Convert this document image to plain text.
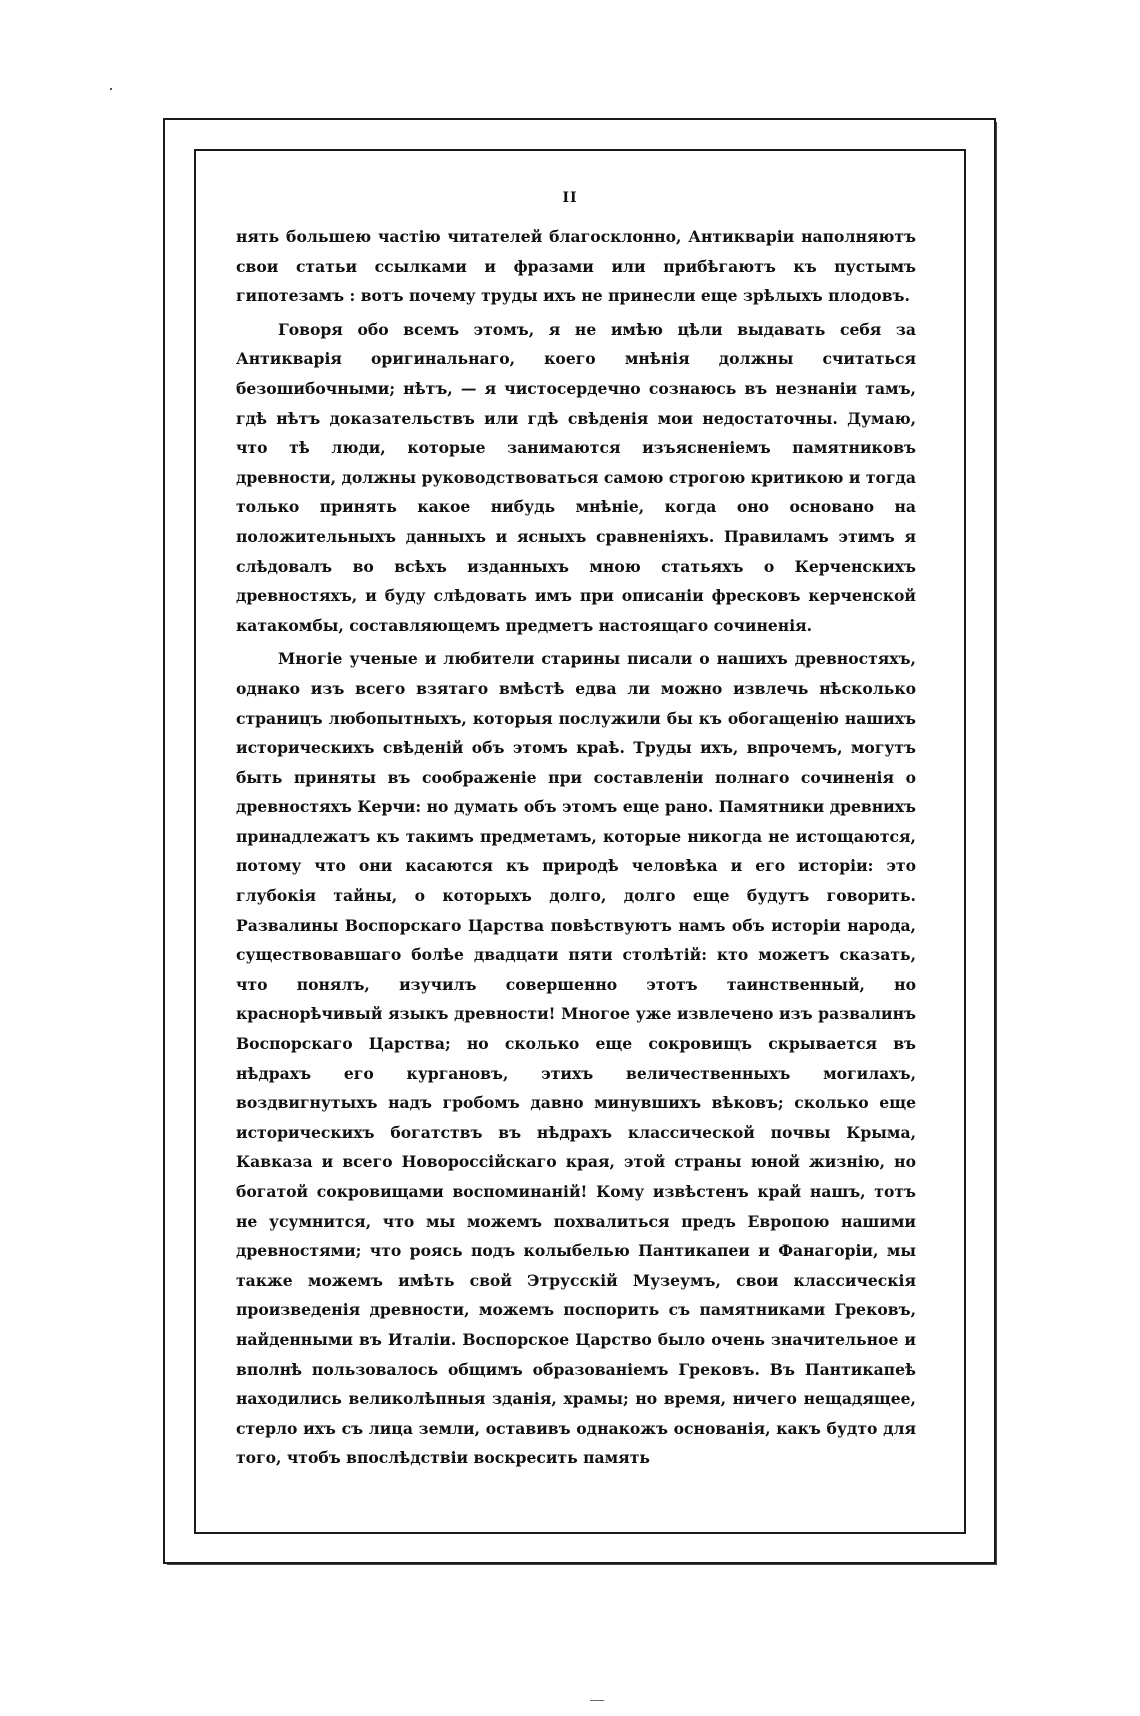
II

нять большею частію читателей благосклонно, Антикваріи наполняютъ свои статьи ссылками и фразами или прибѣгаютъ къ пустымъ гипотезамъ : вотъ почему труды ихъ не принесли еще зрѣлыхъ плодовъ.

Говоря обо всемъ этомъ, я не имѣю цѣли выдавать себя за Антикварія оригинальнаго, коего мнѣнія должны считаться безошибочными; нѣтъ, — я чистосердечно сознаюсь въ незнаніи тамъ, гдѣ нѣтъ доказательствъ или гдѣ свѣденія мои недостаточны. Думаю, что тѣ люди, которые занимаются изъясненіемъ памятниковъ древности, должны руководствоваться самою строгою критикою и тогда только принять какое нибудь мнѣніе, когда оно основано на положительныхъ данныхъ и ясныхъ сравненіяхъ. Правиламъ этимъ я слѣдовалъ во всѣхъ изданныхъ мною статьяхъ о Керченскихъ древностяхъ, и буду слѣдовать имъ при описаніи фресковъ керченской катакомбы, составляющемъ предметъ настоящаго сочиненія.

Многіе ученые и любители старины писали о нашихъ древностяхъ, однако изъ всего взятаго вмѣстѣ едва ли можно извлечь нѣсколько страницъ любопытныхъ, которыя послужили бы къ обогащенію нашихъ историческихъ свѣденій объ этомъ краѣ. Труды ихъ, впрочемъ, могутъ быть приняты въ соображеніе при составленіи полнаго сочиненія о древностяхъ Керчи: но думать объ этомъ еще рано. Памятники древнихъ принадлежатъ къ такимъ предметамъ, которые никогда не истощаются, потому что они касаются къ природѣ человѣка и его исторіи: это глубокія тайны, о которыхъ долго, долго еще будутъ говорить. Развалины Воспорскаго Царства повѣствуютъ намъ объ исторіи народа, существовавшаго болѣе двадцати пяти столѣтій: кто можетъ сказать, что понялъ, изучилъ совершенно этотъ таинственный, но краснорѣчивый языкъ древности! Многое уже извлечено изъ развалинъ Воспорскаго Царства; но сколько еще сокровищъ скрывается въ нѣдрахъ его кургановъ, этихъ величественныхъ могилахъ, воздвигнутыхъ надъ гробомъ давно минувшихъ вѣковъ; сколько еще историческихъ богатствъ въ нѣдрахъ классической почвы Крыма, Кавказа и всего Новороссійскаго края, этой страны юной жизнію, но богатой сокровищами воспоминаній! Кому извѣстенъ край нашъ, тотъ не усумнится, что мы можемъ похвалиться предъ Европою нашими древностями; что роясь подъ колыбелью Пантикапеи и Фанагоріи, мы также можемъ имѣть свой Этрусскій Музеумъ, свои классическія произведенія древности, можемъ поспорить съ памятниками Грековъ, найденными въ Италіи. Воспорское Царство было очень значительное и вполнѣ пользовалось общимъ образованіемъ Грековъ. Въ Пантикапеѣ находились великолѣпныя зданія, храмы; но время, ничего нещадящее, стерло ихъ съ лица земли, оставивъ однакожъ основанія, какъ будто для того, чтобъ впослѣдствіи воскресить память
